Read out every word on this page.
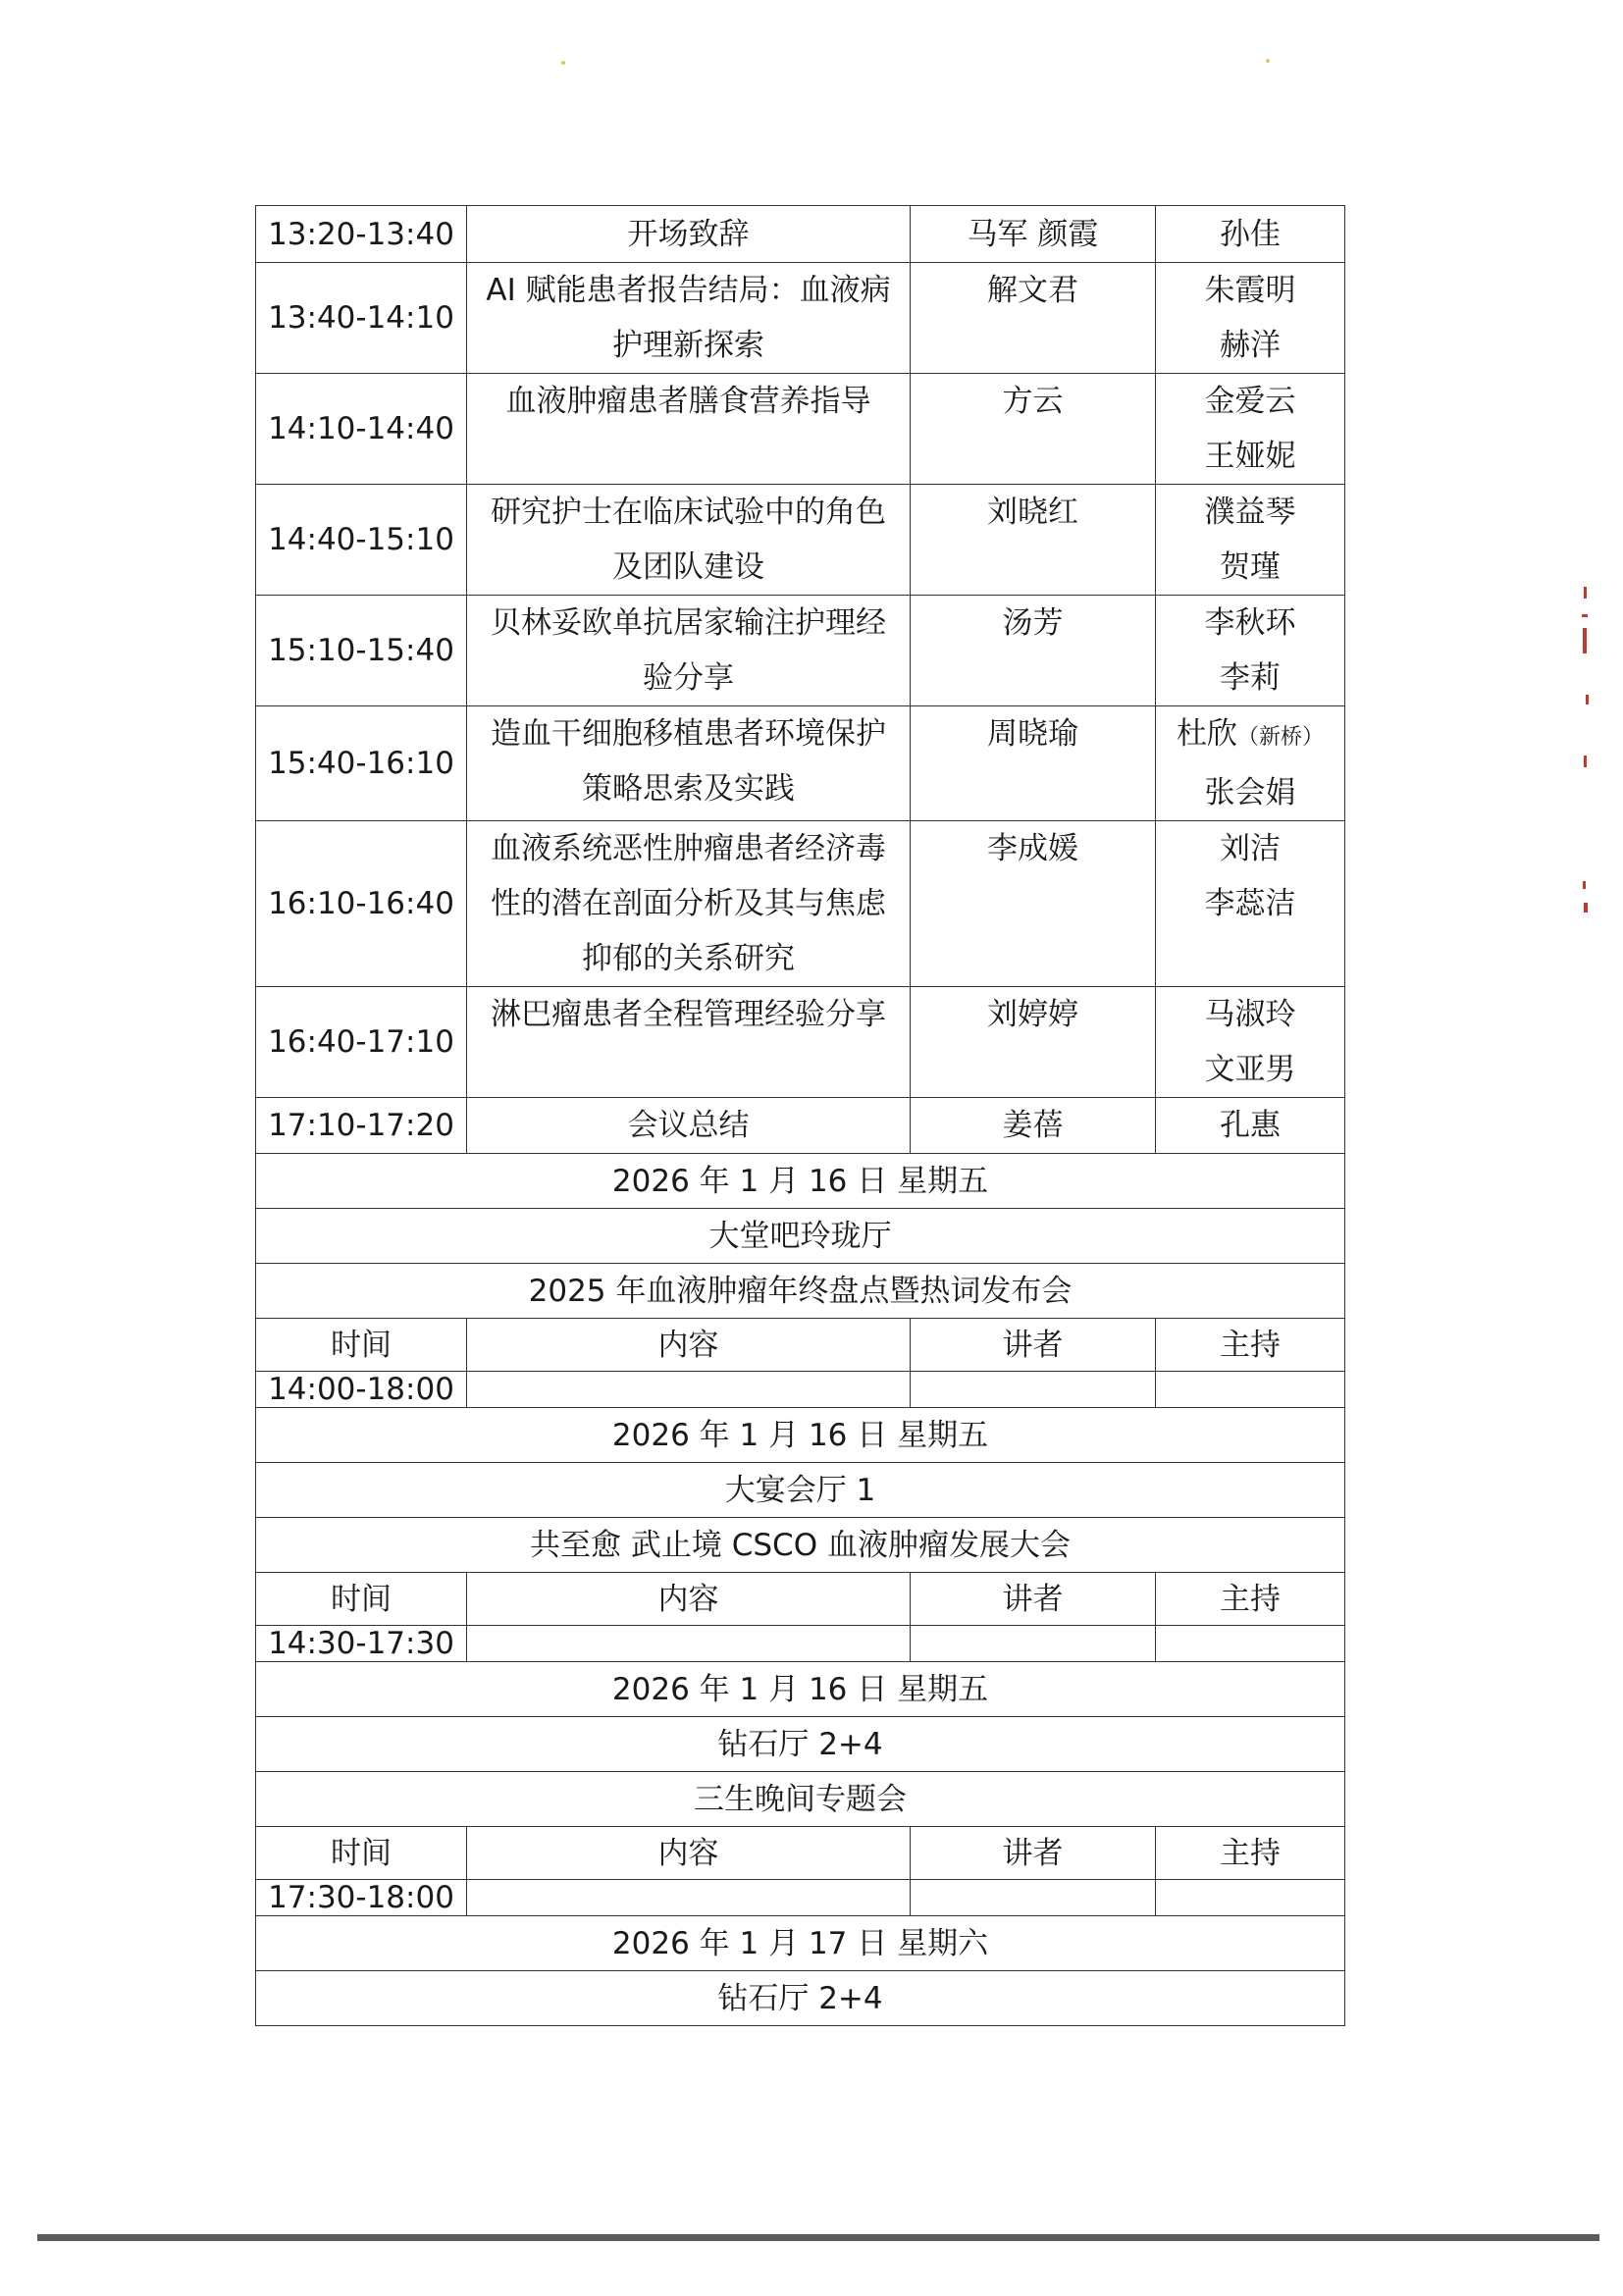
13:20-13:40	开场致辞	马军 颜霞	孙佳

13:40-14:10	AI 赋能患者报告结局：血液病护理新探索	解文君	朱霞明
赫洋

14:10-14:40	血液肿瘤患者膳食营养指导	方云	金爱云
王娅妮

14:40-15:10	研究护士在临床试验中的角色及团队建设	刘晓红	濮益琴
贺瑾

15:10-15:40	贝林妥欧单抗居家输注护理经验分享	汤芳	李秋环
李莉

15:40-16:10	造血干细胞移植患者环境保护策略思索及实践	周晓瑜	杜欣（新桥）
张会娟

16:10-16:40	血液系统恶性肿瘤患者经济毒性的潜在剖面分析及其与焦虑抑郁的关系研究	李成媛	刘洁
李蕊洁

16:40-17:10	淋巴瘤患者全程管理经验分享	刘婷婷	马淑玲
文亚男

17:10-17:20	会议总结	姜蓓	孔惠

2026 年 1 月 16 日 星期五			
大堂吧玲珑厅			
2025 年血液肿瘤年终盘点暨热词发布会			
时间	内容	讲者	主持
14:00-18:00			
2026 年 1 月 16 日 星期五			
大宴会厅 1			
共至愈 武止境 CSCO 血液肿瘤发展大会			
时间	内容	讲者	主持
14:30-17:30			
2026 年 1 月 16 日 星期五			
钻石厅 2+4			
三生晚间专题会			
时间	内容	讲者	主持
17:30-18:00			
2026 年 1 月 17 日 星期六			
钻石厅 2+4			
